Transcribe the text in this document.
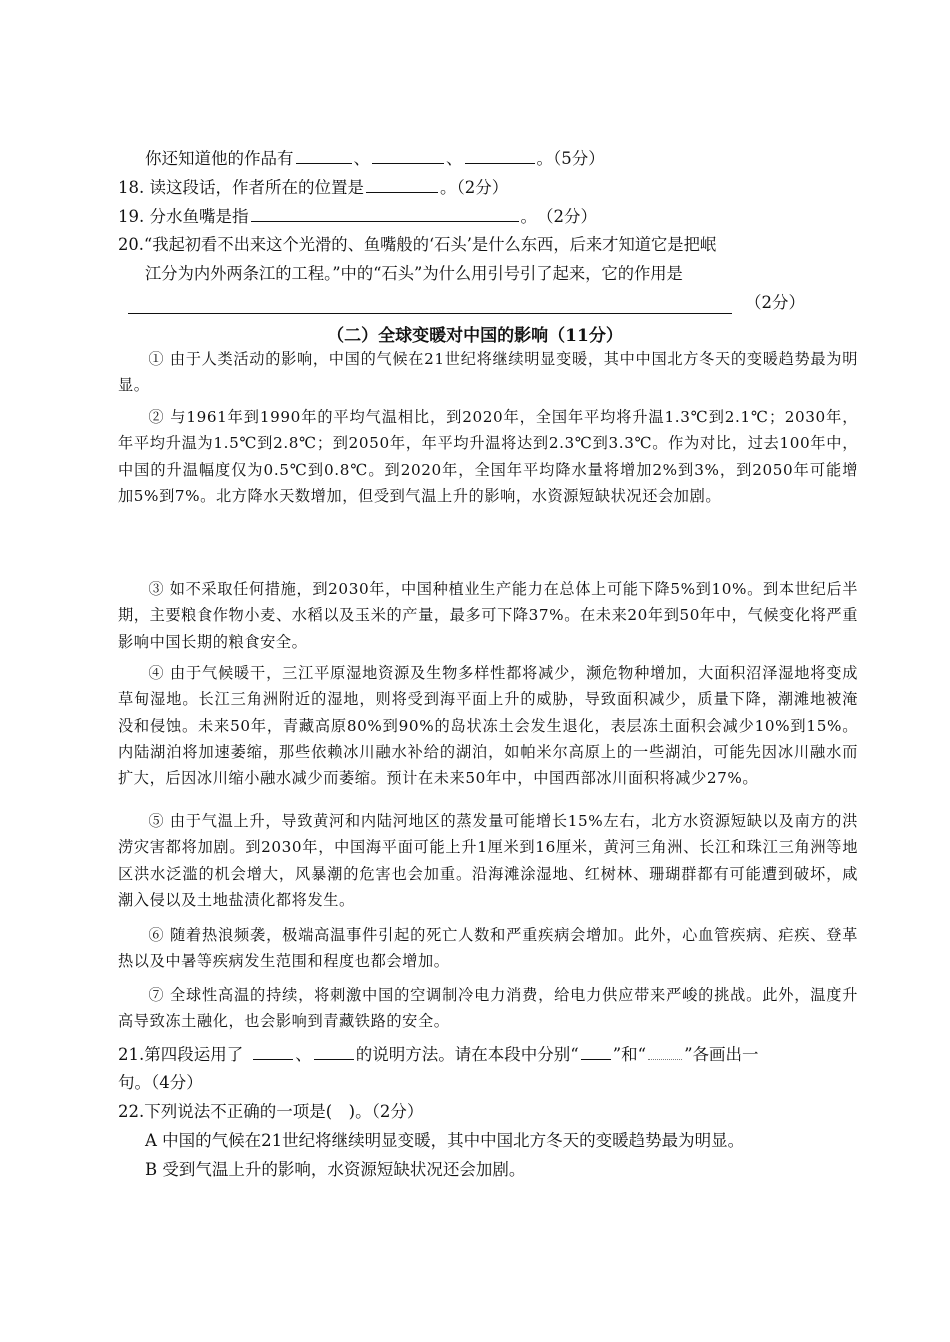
你还知道他的作品有	、	、	。（5分）
18. 读这段话，作者所在的位置是	。（2分）
19. 分水鱼嘴是指	。　（2分）
20.“我起初看不出来这个光滑的、鱼嘴般的‘石头’是什么东西，后来才知道它是把岷
江分为内外两条江的工程。”中的“石头”为什么用引号引了起来，它的作用是
（2分）
（二）全球变暖对中国的影响（11分）
① 由于人类活动的影响，中国的气候在21世纪将继续明显变暖，其中中国北方冬天的变暖趋势最为明显。
② 与1961年到1990年的平均气温相比，到2020年，全国年平均将升温1.3℃到2.1℃；2030年，年平均升温为1.5℃到2.8℃；到2050年，年平均升温将达到2.3℃到3.3℃。作为对比，过去100年中，中国的升温幅度仅为0.5℃到0.8℃。到2020年，全国年平均降水量将增加2%到3%，到2050年可能增加5%到7%。北方降水天数增加，但受到气温上升的影响，水资源短缺状况还会加剧。
③ 如不采取任何措施，到2030年，中国种植业生产能力在总体上可能下降5%到10%。到本世纪后半期，主要粮食作物小麦、水稻以及玉米的产量，最多可下降37%。在未来20年到50年中，气候变化将严重影响中国长期的粮食安全。
④ 由于气候暖干，三江平原湿地资源及生物多样性都将减少，濒危物种增加，大面积沼泽湿地将变成草甸湿地。长江三角洲附近的湿地，则将受到海平面上升的威胁，导致面积减少，质量下降，潮滩地被淹没和侵蚀。未来50年，青藏高原80%到90%的岛状冻土会发生退化，表层冻土面积会减少10%到15%。内陆湖泊将加速萎缩，那些依赖冰川融水补给的湖泊，如帕米尔高原上的一些湖泊，可能先因冰川融水而扩大，后因冰川缩小融水减少而萎缩。预计在未来50年中，中国西部冰川面积将减少27%。
⑤ 由于气温上升，导致黄河和内陆河地区的蒸发量可能增长15%左右，北方水资源短缺以及南方的洪涝灾害都将加剧。到2030年，中国海平面可能上升1厘米到16厘米，黄河三角洲、长江和珠江三角洲等地区洪水泛滥的机会增大，风暴潮的危害也会加重。沿海滩涂湿地、红树林、珊瑚群都有可能遭到破坏，咸潮入侵以及土地盐渍化都将发生。
⑥ 随着热浪频袭，极端高温事件引起的死亡人数和严重疾病会增加。此外，心血管疾病、疟疾、登革热以及中暑等疾病发生范围和程度也都会增加。
⑦ 全球性高温的持续，将刺激中国的空调制冷电力消费，给电力供应带来严峻的挑战。此外，温度升高导致冻土融化，也会影响到青藏铁路的安全。
21.第四段运用了	、	的说明方法。请在本段中分别“ ”和“ ”各画出一
句。（4分）
22.下列说法不正确的一项是(　)。（2分）
A 中国的气候在21世纪将继续明显变暖，其中中国北方冬天的变暖趋势最为明显。
B 受到气温上升的影响，水资源短缺状况还会加剧。
